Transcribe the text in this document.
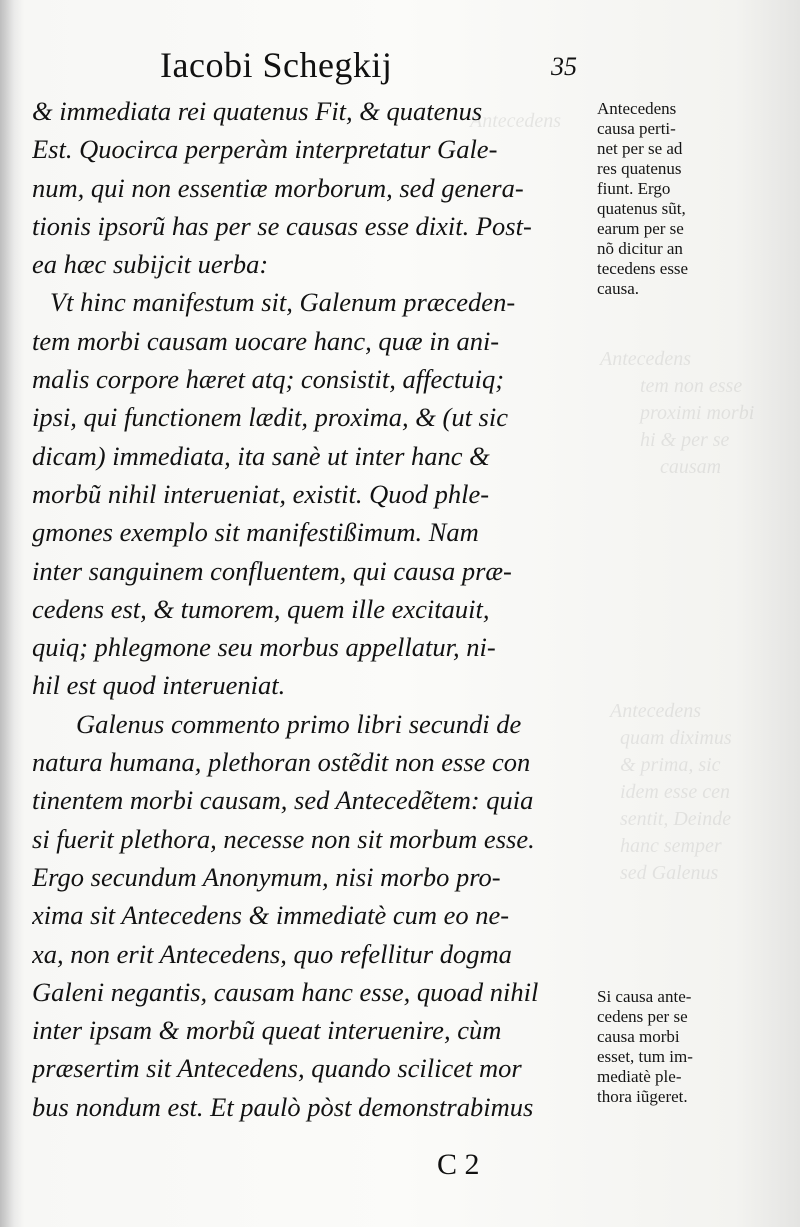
Antecedens
Antecedens
tem non esse
proximi morbi
hi & per se
causam
Antecedens
quam diximus
& prima, sic
idem esse cen
sentit, Deinde
hanc semper
sed Galenus
Iacobi Schegkij	35
& immediata rei quatenus Fit, & quatenus
Est. Quocirca perperàm interpretatur Gale-
num, qui non essentiæ morborum, sed genera-
tionis ipsorũ has per se causas esse dixit. Post-
ea hæc subijcit uerba:
Vt hinc manifestum sit, Galenum præceden-
tem morbi causam uocare hanc, quæ in ani-
malis corpore hæret atq; consistit, affectuiq;
ipsi, qui functionem lædit, proxima, & (ut sic
dicam) immediata, ita sanè ut inter hanc &
morbũ nihil interueniat, existit. Quod phle-
gmones exemplo sit manifestißimum. Nam
inter sanguinem confluentem, qui causa præ-
cedens est, & tumorem, quem ille excitauit,
quiq; phlegmone seu morbus appellatur, ni-
hil est quod interueniat.
Galenus commento primo libri secundi de
natura humana, plethoran ostẽdit non esse con
tinentem morbi causam, sed Antecedẽtem: quia
si fuerit plethora, necesse non sit morbum esse.
Ergo secundum Anonymum, nisi morbo pro-
xima sit Antecedens & immediatè cum eo ne-
xa, non erit Antecedens, quo refellitur dogma
Galeni negantis, causam hanc esse, quoad nihil
inter ipsam & morbũ queat interuenire, cùm
præsertim sit Antecedens, quando scilicet mor
bus nondum est. Et paulò pòst demonstrabimus
Antecedens
causa perti-
net per se ad
res quatenus
fiunt. Ergo
quatenus sũt,
earum per se
nõ dicitur an
tecedens esse
causa.
Si causa ante-
cedens per se
causa morbi
esset, tum im-
mediatè ple-
thora iũgeret.
C 2
